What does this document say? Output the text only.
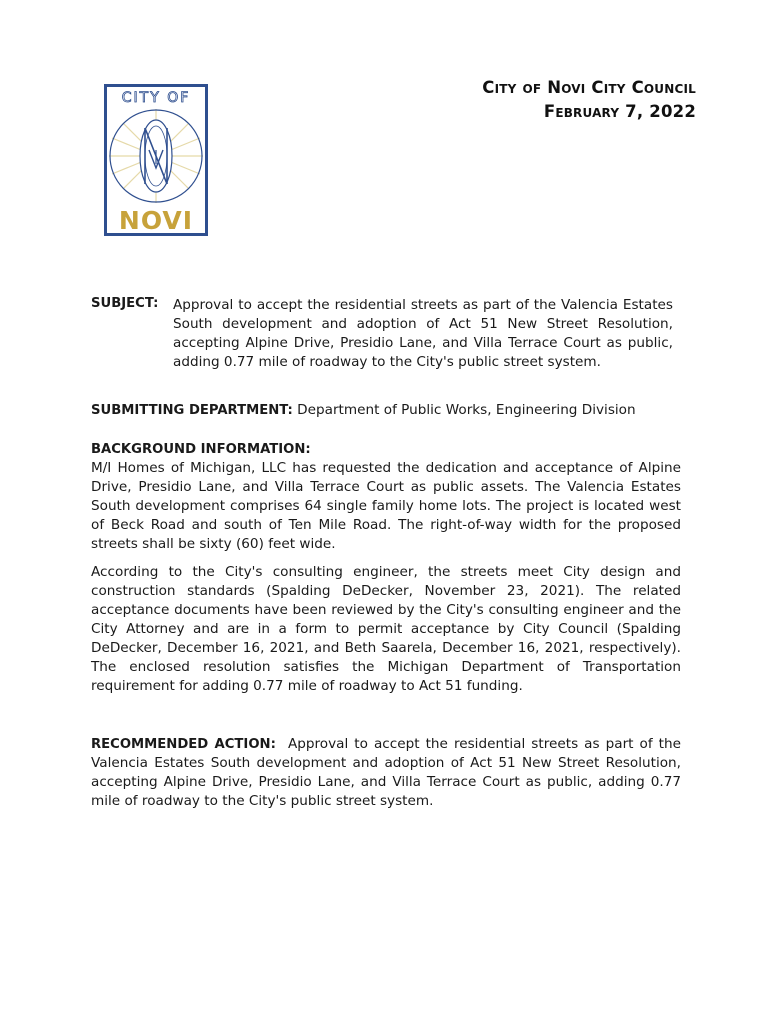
CITY OF
NOVI
City of Novi City Council
February 7, 2022
SUBJECT: Approval to accept the residential streets as part of the Valencia Estates South development and adoption of Act 51 New Street Resolution, accepting Alpine Drive, Presidio Lane, and Villa Terrace Court as public, adding 0.77 mile of roadway to the City's public street system.
SUBMITTING DEPARTMENT: Department of Public Works, Engineering Division
BACKGROUND INFORMATION:

M/I Homes of Michigan, LLC has requested the dedication and acceptance of Alpine Drive, Presidio Lane, and Villa Terrace Court as public assets. The Valencia Estates South development comprises 64 single family home lots. The project is located west of Beck Road and south of Ten Mile Road. The right-of-way width for the proposed streets shall be sixty (60) feet wide.

According to the City's consulting engineer, the streets meet City design and construction standards (Spalding DeDecker, November 23, 2021). The related acceptance documents have been reviewed by the City's consulting engineer and the City Attorney and are in a form to permit acceptance by City Council (Spalding DeDecker, December 16, 2021, and Beth Saarela, December 16, 2021, respectively). The enclosed resolution satisfies the Michigan Department of Transportation requirement for adding 0.77 mile of roadway to Act 51 funding.

RECOMMENDED ACTION: Approval to accept the residential streets as part of the Valencia Estates South development and adoption of Act 51 New Street Resolution, accepting Alpine Drive, Presidio Lane, and Villa Terrace Court as public, adding 0.77 mile of roadway to the City's public street system.
